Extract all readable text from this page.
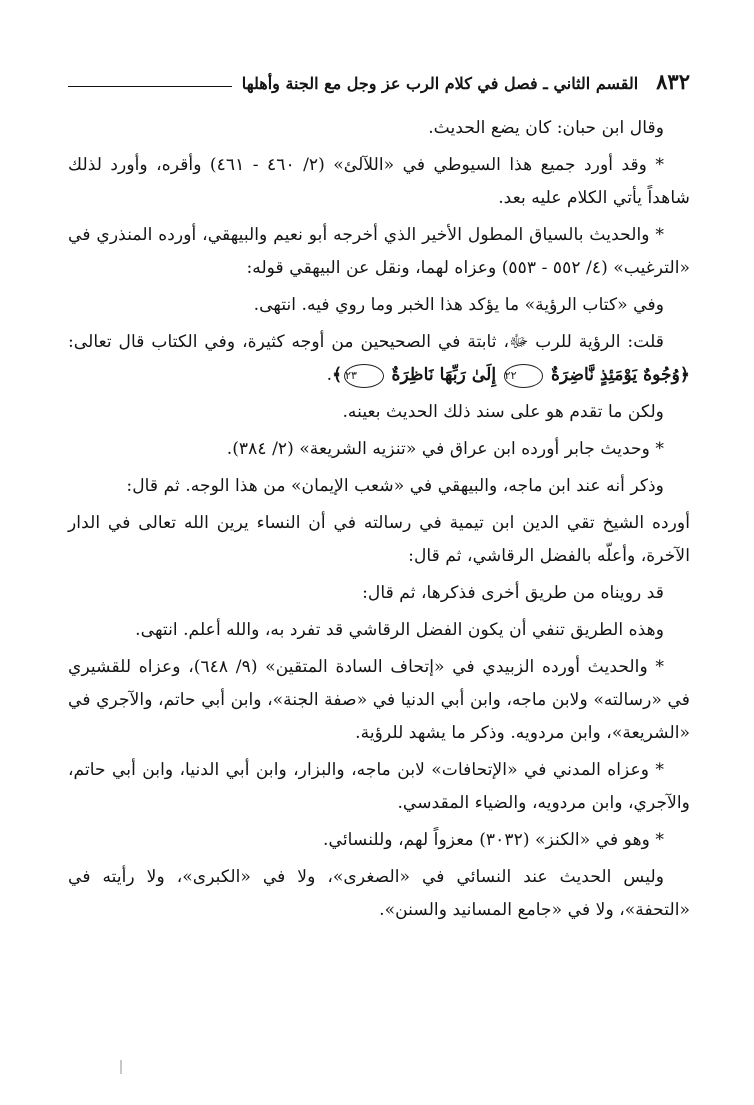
٨٣٢
القسم الثاني ـ فصل في كلام الرب عز وجل مع الجنة وأهلها

وقال ابن حبان: كان يضع الحديث.

* وقد أورد جميع هذا السيوطي في «اللآلئ» (٢/ ٤٦٠ - ٤٦١) وأقره، وأورد لذلك شاهداً يأتي الكلام عليه بعد.

* والحديث بالسياق المطول الأخير الذي أخرجه أبو نعيم والبيهقي، أورده المنذري في «الترغيب» (٤/ ٥٥٢ - ٥٥٣) وعزاه لهما، ونقل عن البيهقي قوله:

وفي «كتاب الرؤية» ما يؤكد هذا الخبر وما روي فيه. انتهى.

قلت: الرؤية للرب ﷻ، ثابتة في الصحيحين من أوجه كثيرة، وفي الكتاب قال تعالى: ﴿وُجُوهٌ يَوْمَئِذٍ نَّاضِرَةٌ ٢٢ إِلَىٰ رَبِّهَا نَاظِرَةٌ ٢٣﴾.

ولكن ما تقدم هو على سند ذلك الحديث بعينه.

* وحديث جابر أورده ابن عراق في «تنزيه الشريعة» (٢/ ٣٨٤).

وذكر أنه عند ابن ماجه، والبيهقي في «شعب الإيمان» من هذا الوجه. ثم قال:

أورده الشيخ تقي الدين ابن تيمية في رسالته في أن النساء يرين الله تعالى في الدار الآخرة، وأعلّه بالفضل الرقاشي، ثم قال:

قد رويناه من طريق أخرى فذكرها، ثم قال:

وهذه الطريق تنفي أن يكون الفضل الرقاشي قد تفرد به، والله أعلم. انتهى.

* والحديث أورده الزبيدي في «إتحاف السادة المتقين» (٩/ ٦٤٨)، وعزاه للقشيري في «رسالته» ولابن ماجه، وابن أبي الدنيا في «صفة الجنة»، وابن أبي حاتم، والآجري في «الشريعة»، وابن مردويه. وذكر ما يشهد للرؤية.

* وعزاه المدني في «الإتحافات» لابن ماجه، والبزار، وابن أبي الدنيا، وابن أبي حاتم، والآجري، وابن مردويه، والضياء المقدسي.

* وهو في «الكنز» (٣٠٣٢) معزواً لهم، وللنسائي.

وليس الحديث عند النسائي في «الصغرى»، ولا في «الكبرى»، ولا رأيته في «التحفة»، ولا في «جامع المسانيد والسنن».
